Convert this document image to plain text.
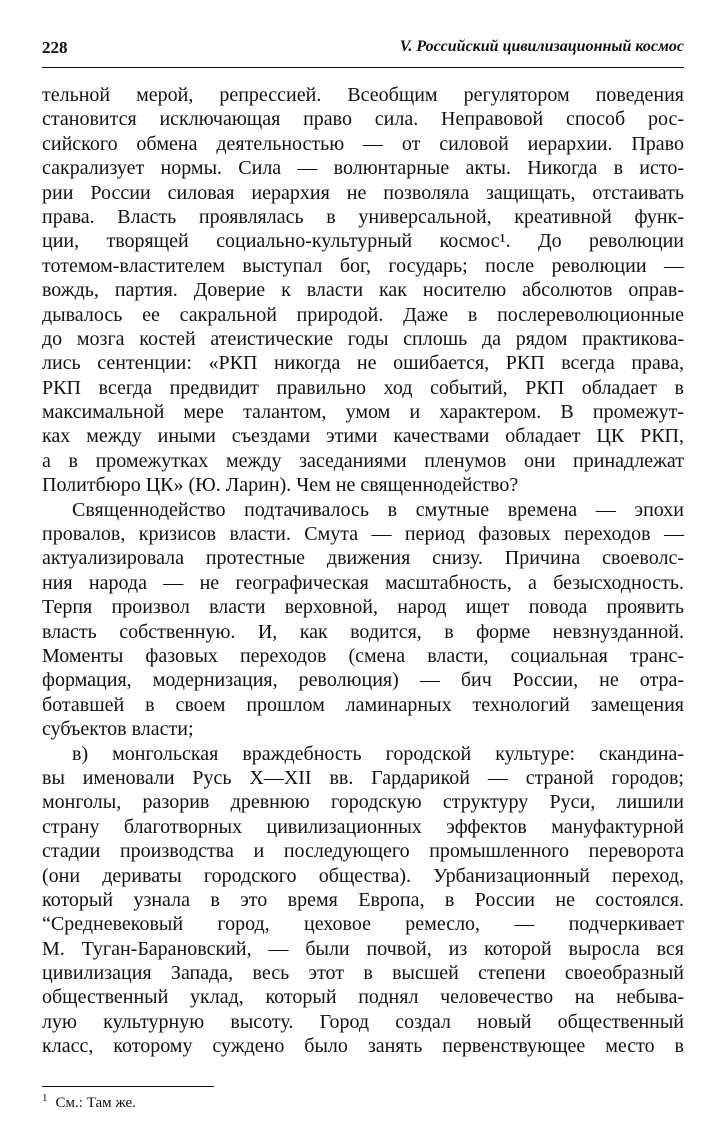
228	V. Российский цивилизационный космос
тельной мерой, репрессией. Всеобщим регулятором поведения
становится исключающая право сила. Неправовой способ рос-
сийского обмена деятельностью — от силовой иерархии. Право
сакрализует нормы. Сила — волюнтарные акты. Никогда в исто-
рии России силовая иерархия не позволяла защищать, отстаивать
права. Власть проявлялась в универсальной, креативной функ-
ции, творящей социально-культурный космос¹. До революции
тотемом-властителем выступал бог, государь; после революции —
вождь, партия. Доверие к власти как носителю абсолютов оправ-
дывалось ее сакральной природой. Даже в послереволюционные
до мозга костей атеистические годы сплошь да рядом практикова-
лись сентенции: «РКП никогда не ошибается, РКП всегда права,
РКП всегда предвидит правильно ход событий, РКП обладает в
максимальной мере талантом, умом и характером. В промежут-
ках между иными съездами этими качествами обладает ЦК РКП,
а в промежутках между заседаниями пленумов они принадлежат
Политбюро ЦК» (Ю. Ларин). Чем не священнодейство?
Священнодейство подтачивалось в смутные времена — эпохи
провалов, кризисов власти. Смута — период фазовых переходов —
актуализировала протестные движения снизу. Причина своеволс-
ния народа — не географическая масштабность, а безысходность.
Терпя произвол власти верховной, народ ищет повода проявить
власть собственную. И, как водится, в форме невзнузданной.
Моменты фазовых переходов (смена власти, социальная транс-
формация, модернизация, революция) — бич России, не отра-
ботавшей в своем прошлом ламинарных технологий замещения
субъектов власти;
в) монгольская враждебность городской культуре: скандина-
вы именовали Русь X—XII вв. Гардарикой — страной городов;
монголы, разорив древнюю городскую структуру Руси, лишили
страну благотворных цивилизационных эффектов мануфактурной
стадии производства и последующего промышленного переворота
(они дериваты городского общества). Урбанизационный переход,
который узнала в это время Европа, в России не состоялся.
“Средневековый город, цеховое ремесло, — подчеркивает
М. Туган-Барановский, — были почвой, из которой выросла вся
цивилизация Запада, весь этот в высшей степени своеобразный
общественный уклад, который поднял человечество на небыва-
лую культурную высоту. Город создал новый общественный
класс, которому суждено было занять первенствующее место в
$^1$ См.: Там же.
